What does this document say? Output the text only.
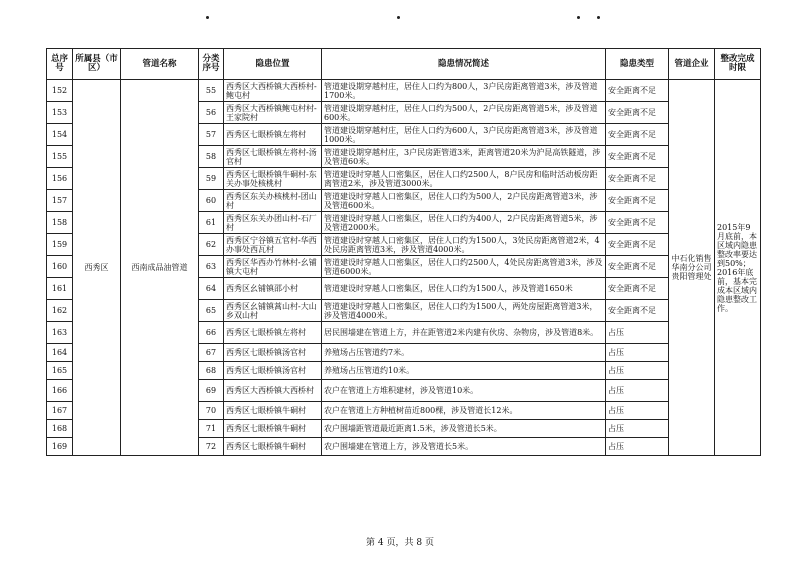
总序号	所属县（市区）	管道名称	分类序号	隐患位置	隐患情况简述	隐患类型	管道企业	整改完成时限
152	西秀区	西南成品油管道	55	西秀区大西桥镇大西桥村-鲍屯村	管道建设期穿越村庄，居住人口约为800人，3户民房距离管道3米，涉及管道1700米。	安全距离不足	中石化销售华南分公司贵阳管理处	2015年9月底前，本区域内隐患整改率要达到50%；2016年底前，基本完成本区域内隐患整改工作。
153			56	西秀区大西桥镇鲍屯村村-王家院村	管道建设期穿越村庄，居住人口约为500人，2户民房距离管道5米，涉及管道600米。	安全距离不足		
154			57	西秀区七眼桥镇左将村	管道建设期穿越村庄，居住人口约为600人，3户民房距离管道3米，涉及管道1000米。	安全距离不足		
155			58	西秀区七眼桥镇左将村-汤官村	管道建设期穿越村庄，3户民房距管道3米，距离管道20米为沪昆高铁隧道，涉及管道60米。	安全距离不足		
156			59	西秀区七眼桥镇牛硐村-东关办事处核桃村	管道建设时穿越人口密集区，居住人口约2500人，8户民房和临时活动板房距离管道2米，涉及管道3000米。	安全距离不足		
157			60	西秀区东关办核桃村-团山村	管道建设时穿越人口密集区，居住人口约为500人，2户民房距离管道3米，涉及管道600米。	安全距离不足		
158			61	西秀区东关办团山村-石厂村	管道建设时穿越人口密集区，居住人口约为400人，2户民房距离管道5米，涉及管道2000米。	安全距离不足		
159			62	西秀区宁谷镇五官村-华西办事处西瓦村	管道建设时穿越人口密集区，居住人口约为1500人，3处民房距离管道2米，4处民房距离管道3米，涉及管道4000米。	安全距离不足		
160			63	西秀区华西办竹林村-幺铺镇大屯村	管道建设时穿越人口密集区，居住人口约2500人，4处民房距离管道3米，涉及管道6000米。	安全距离不足		
161			64	西秀区幺铺镇邵小村	管道建设时穿越人口密集区，居住人口约为1500人，涉及管道1650米	安全距离不足		
162			65	西秀区幺铺镇蒿山村-大山乡双山村	管道建设时穿越人口密集区，居住人口约为1500人，两处房屋距离管道3米，涉及管道4000米。	安全距离不足		
163			66	西秀区七眼桥镇左将村	居民围墙建在管道上方，并在距管道2米内建有伙房、杂物房，涉及管道8米。	占压		
164			67	西秀区七眼桥镇汤官村	养殖场占压管道约7米。	占压		
165			68	西秀区七眼桥镇汤官村	养殖场占压管道约10米。	占压		
166			69	西秀区大西桥镇大西桥村	农户在管道上方堆积建材，涉及管道10米。	占压		
167			70	西秀区七眼桥镇牛硐村	农户在管道上方种植树苗近800棵，涉及管道长12米。	占压		
168			71	西秀区七眼桥镇牛硐村	农户围墙距管道最近距离1.5米，涉及管道长5米。	占压		
169			72	西秀区七眼桥镇牛硐村	农户围墙建在管道上方，涉及管道长5米。	占压		
第 4 页，共 8 页
